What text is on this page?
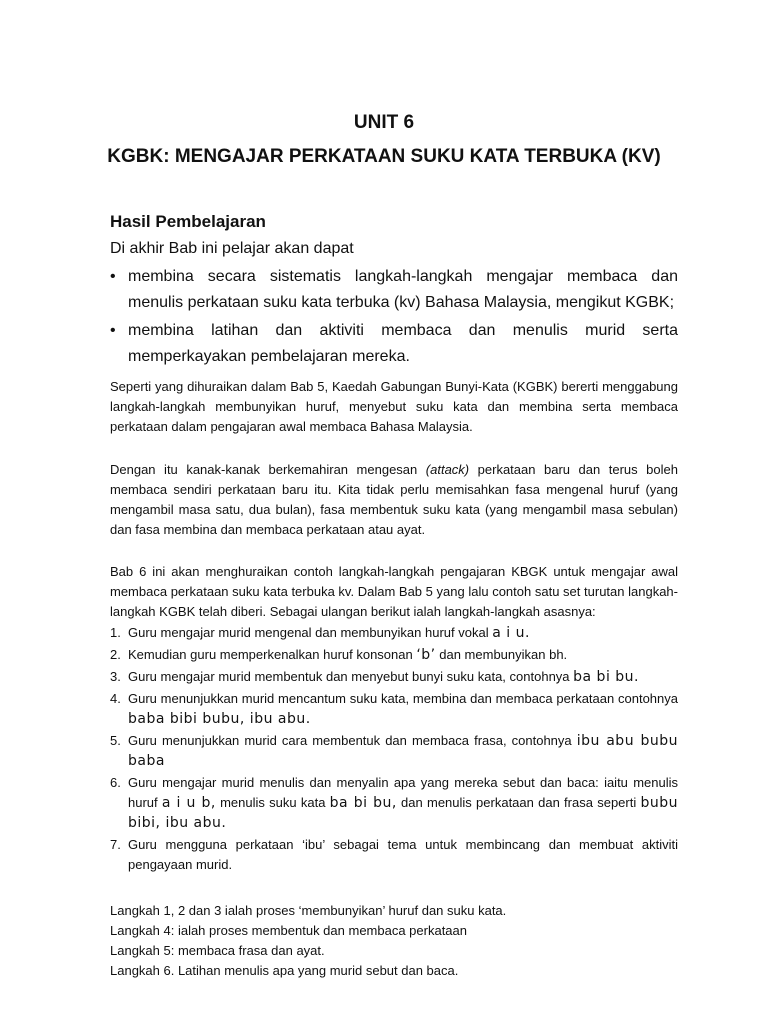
UNIT 6
KGBK: MENGAJAR PERKATAAN SUKU KATA TERBUKA (KV)
Hasil Pembelajaran
Di akhir Bab ini pelajar akan dapat
• membina secara sistematis langkah-langkah mengajar membaca dan menulis perkataan suku kata terbuka (kv) Bahasa Malaysia, mengikut KGBK;
• membina latihan dan aktiviti membaca dan menulis murid serta memperkayakan pembelajaran mereka.

Seperti yang dihuraikan dalam Bab 5, Kaedah Gabungan Bunyi-Kata (KGBK) bererti menggabung langkah-langkah membunyikan huruf, menyebut suku kata dan membina serta membaca perkataan dalam pengajaran awal membaca Bahasa Malaysia.

Dengan itu kanak-kanak berkemahiran mengesan (attack) perkataan baru dan terus boleh membaca sendiri perkataan baru itu. Kita tidak perlu memisahkan fasa mengenal huruf (yang mengambil masa satu, dua bulan), fasa membentuk suku kata (yang mengambil masa sebulan) dan fasa membina dan membaca perkataan atau ayat.

Bab 6 ini akan menghuraikan contoh langkah-langkah pengajaran KBGK untuk mengajar awal membaca perkataan suku kata terbuka kv. Dalam Bab 5 yang lalu contoh satu set turutan langkah-langkah KGBK telah diberi. Sebagai ulangan berikut ialah langkah-langkah asasnya:

1. Guru mengajar murid mengenal dan membunyikan huruf vokal a i u.
2. Kemudian guru memperkenalkan huruf konsonan ‘b’ dan membunyikan bh.
3. Guru mengajar murid membentuk dan menyebut bunyi suku kata, contohnya ba bi bu.
4. Guru menunjukkan murid mencantum suku kata, membina dan membaca perkataan contohnya baba bibi bubu, ibu abu.
5. Guru menunjukkan murid cara membentuk dan membaca frasa, contohnya ibu abu bubu baba
6. Guru mengajar murid menulis dan menyalin apa yang mereka sebut dan baca: iaitu menulis huruf a i u b, menulis suku kata ba bi bu, dan menulis perkataan dan frasa seperti bubu bibi, ibu abu.
7. Guru mengguna perkataan ‘ibu’ sebagai tema untuk membincang dan membuat aktiviti pengayaan murid.
Langkah 1, 2 dan 3 ialah proses ‘membunyikan’ huruf dan suku kata.
Langkah 4: ialah proses membentuk dan membaca perkataan
Langkah 5: membaca frasa dan ayat.
Langkah 6. Latihan menulis apa yang murid sebut dan baca.
